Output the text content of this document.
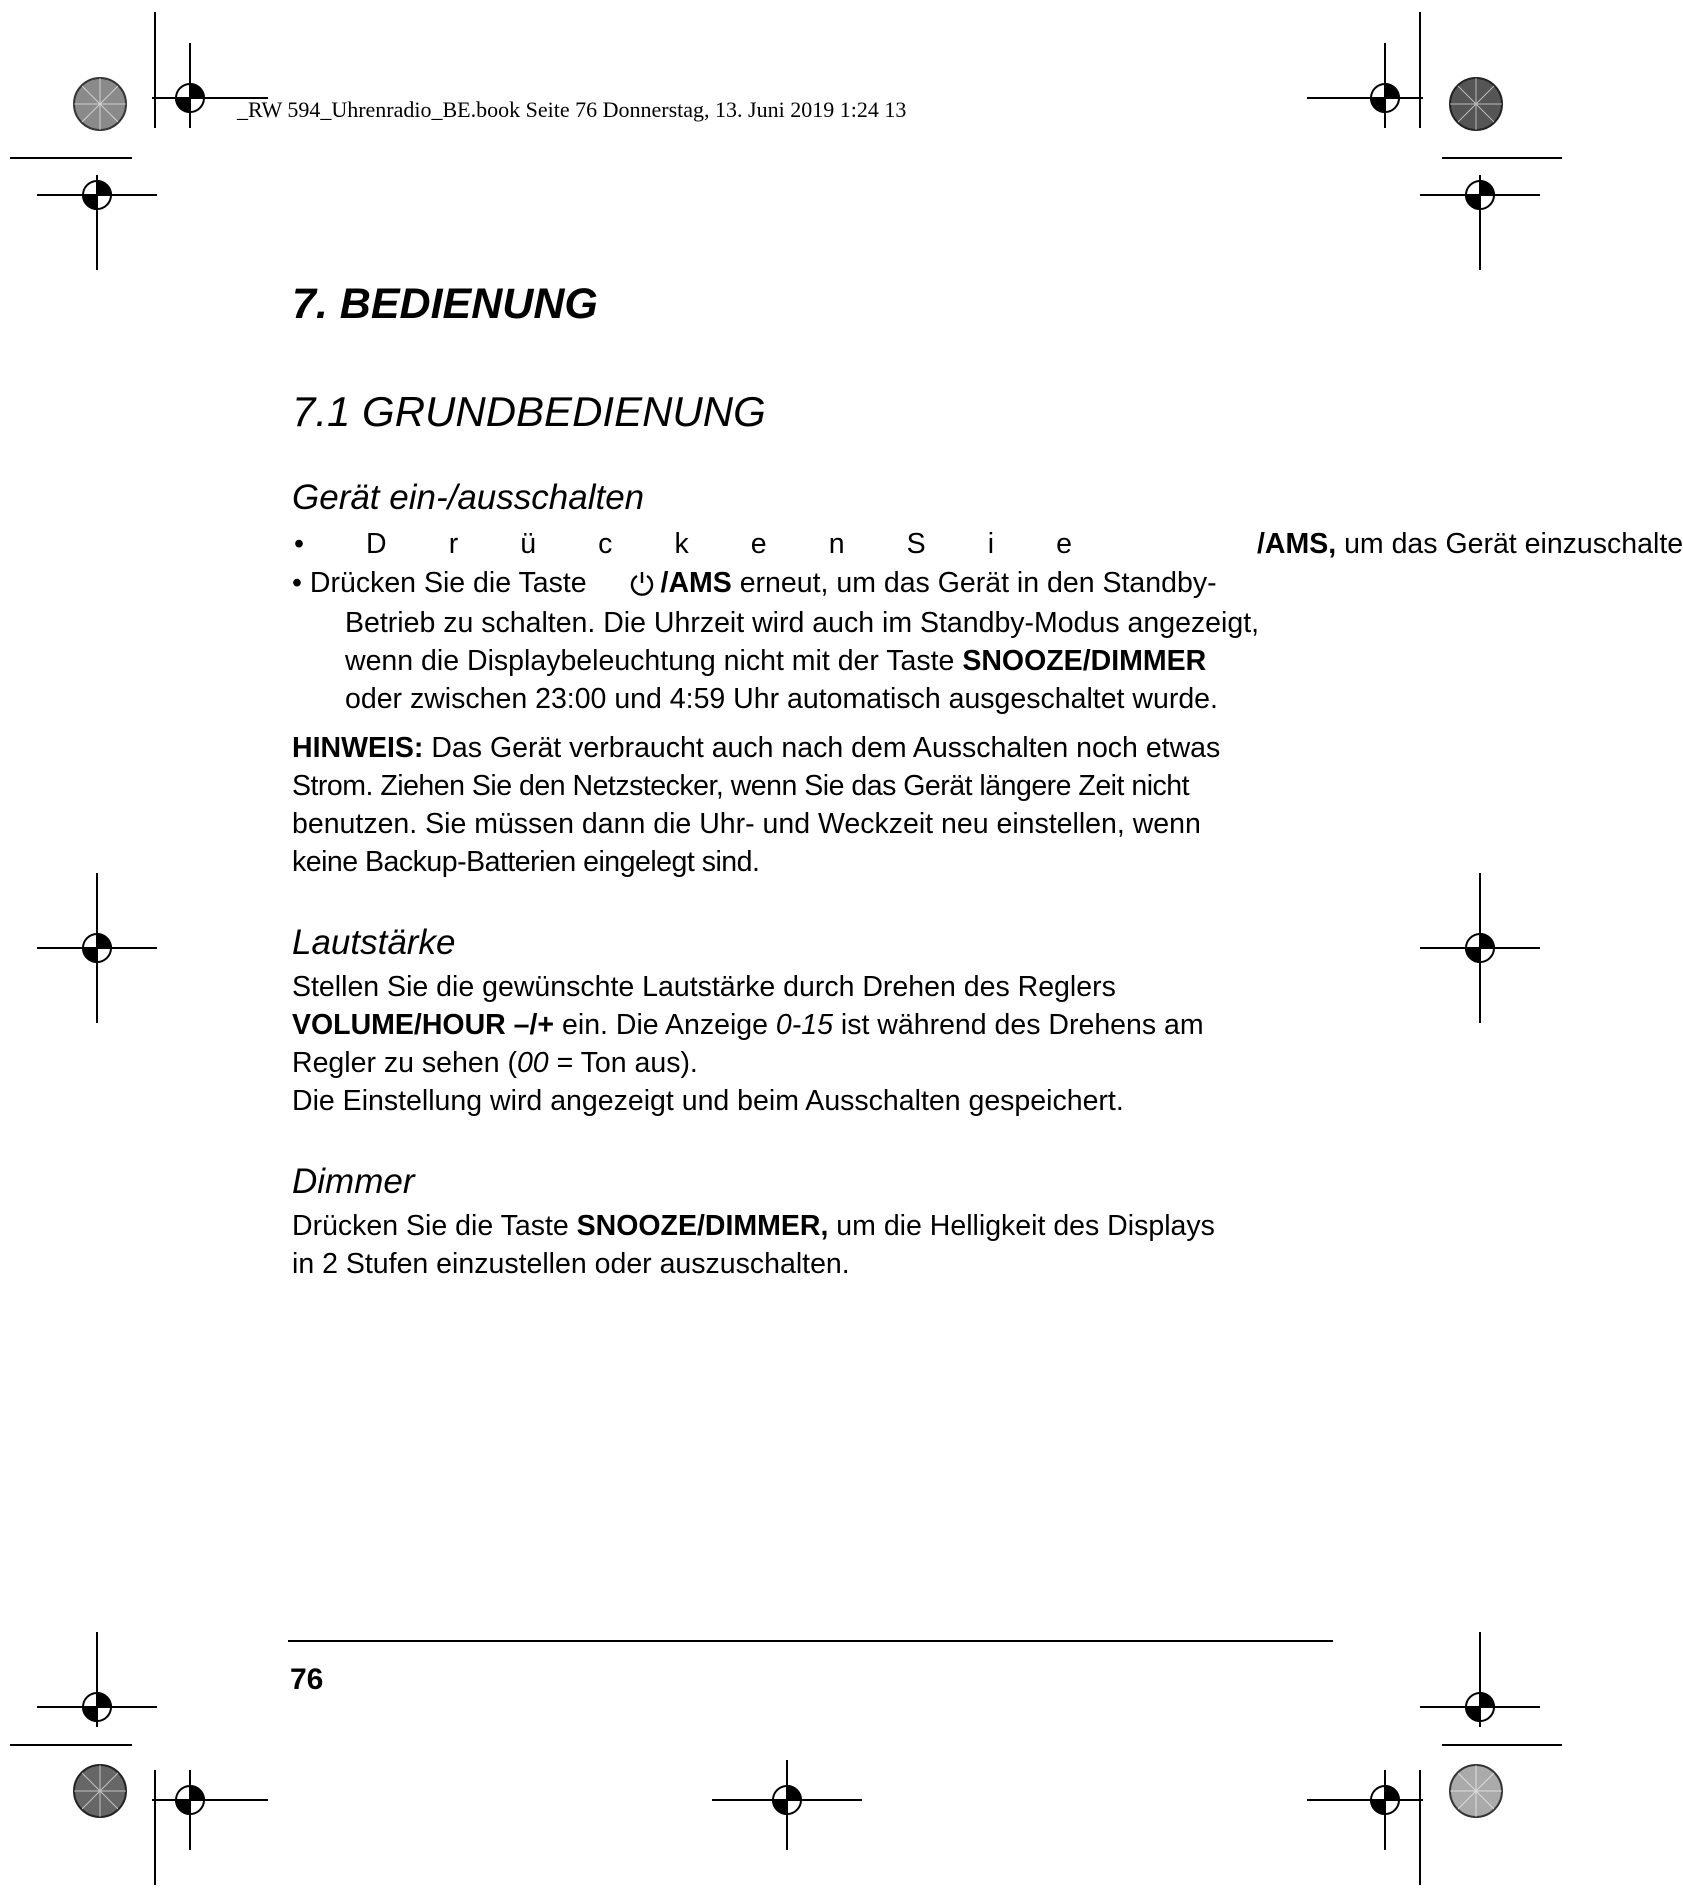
_RW 594_Uhrenradio_BE.book Seite 76 Donnerstag, 13. Juni 2019 1:24 13
7. BEDIENUNG
7.1 GRUNDBEDIENUNG
Gerät ein-/ausschalten
• D r ü c k e n S i e	/AMS, um das Gerät einzuschalte
• Drücken Sie die Taste	/AMS erneut, um das Gerät in den Standby-
Betrieb zu schalten. Die Uhrzeit wird auch im Standby-Modus angezeigt,
wenn die Displaybeleuchtung nicht mit der Taste SNOOZE/DIMMER
oder zwischen 23:00 und 4:59 Uhr automatisch ausgeschaltet wurde.
HINWEIS: Das Gerät verbraucht auch nach dem Ausschalten noch etwas
Strom. Ziehen Sie den Netzstecker, wenn Sie das Gerät längere Zeit nicht
benutzen. Sie müssen dann die Uhr- und Weckzeit neu einstellen, wenn
keine Backup-Batterien eingelegt sind.
Lautstärke
Stellen Sie die gewünschte Lautstärke durch Drehen des Reglers
VOLUME/HOUR –/+ ein. Die Anzeige 0-15 ist während des Drehens am
Regler zu sehen (00 = Ton aus).
Die Einstellung wird angezeigt und beim Ausschalten gespeichert.
Dimmer
Drücken Sie die Taste SNOOZE/DIMMER, um die Helligkeit des Displays
in 2 Stufen einzustellen oder auszuschalten.
76
